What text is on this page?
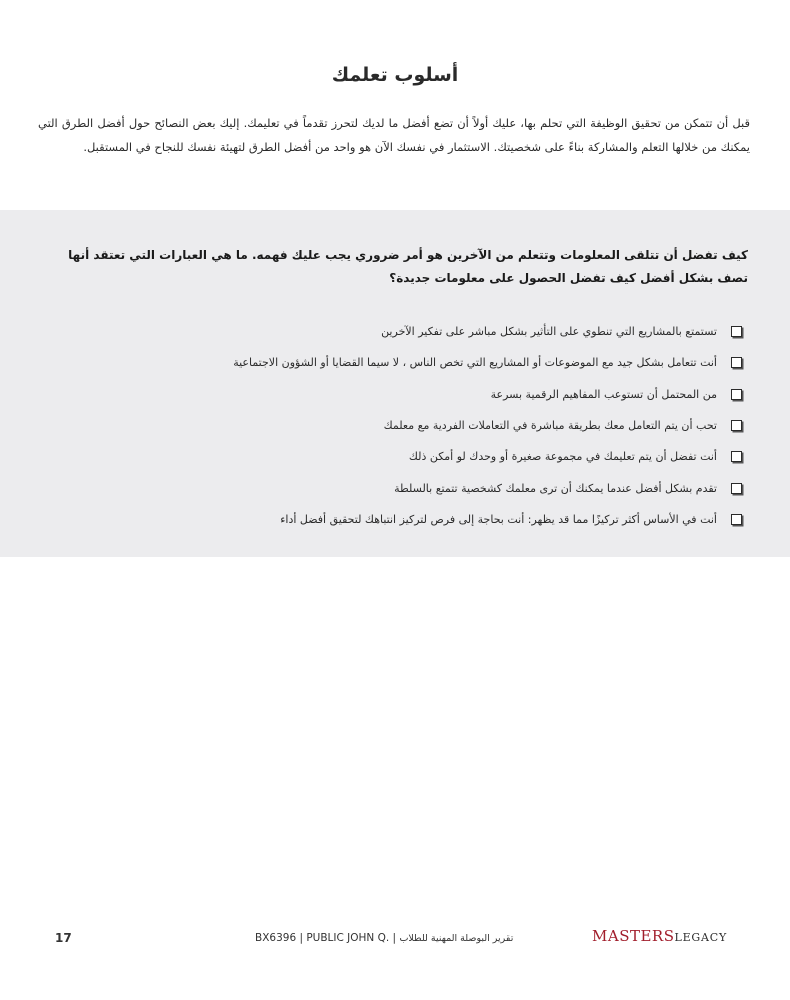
أسلوب تعلمك
قبل أن تتمكن من تحقيق الوظيفة التي تحلم بها، عليك أولاً أن تضع أفضل ما لديك لتحرز تقدماً في تعليمك. إليك بعض النصائح حول أفضل الطرق التي يمكنك من خلالها التعلم والمشاركة بناءً على شخصيتك. الاستثمار في نفسك الآن هو واحد من أفضل الطرق لتهيئة نفسك للنجاح في المستقبل.
كيف تفضل أن تتلقى المعلومات وتتعلم من الآخرين هو أمر ضروري يجب عليك فهمه. ما هي العبارات التي تعتقد أنها تصف بشكل أفضل كيف تفضل الحصول على معلومات جديدة؟
تستمتع بالمشاريع التي تنطوي على التأثير بشكل مباشر على تفكير الآخرين
أنت تتعامل بشكل جيد مع الموضوعات أو المشاريع التي تخص الناس ، لا سيما القضايا أو الشؤون الاجتماعية
من المحتمل أن تستوعب المفاهيم الرقمية بسرعة
تحب أن يتم التعامل معك بطريقة مباشرة في التعاملات الفردية مع معلمك
أنت تفضل أن يتم تعليمك في مجموعة صغيرة أو وحدك لو أمكن ذلك
تقدم بشكل أفضل عندما يمكنك أن ترى معلمك كشخصية تتمتع بالسلطة
أنت في الأساس أكثر تركيزًا مما قد يظهر: أنت بحاجة إلى فرص لتركيز انتباهك لتحقيق أفضل أداء
17	BX6396 | PUBLIC JOHN Q. | تقرير البوصلة المهنية للطلاب	MASTERSLEGACY
